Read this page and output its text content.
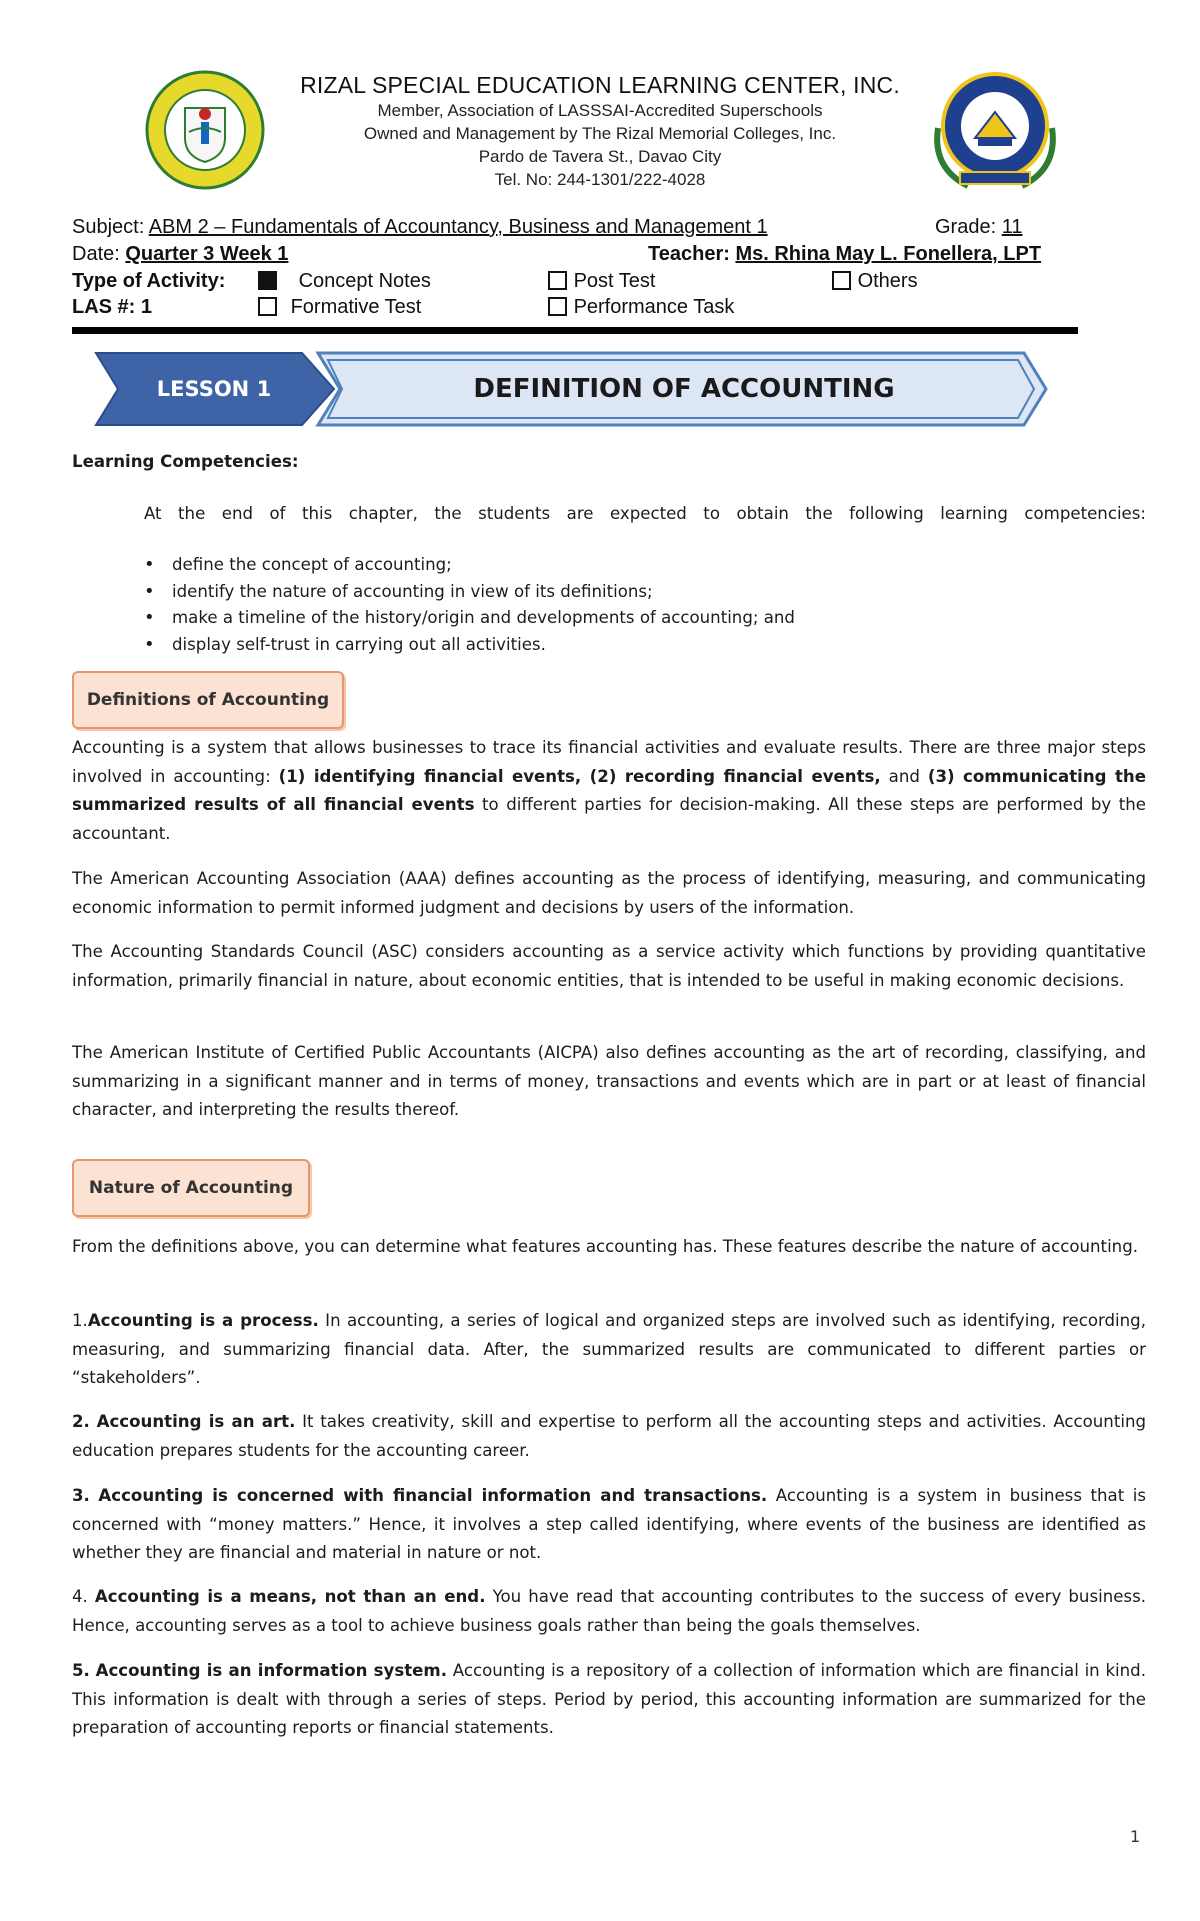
RIZAL SPECIAL EDUCATION LEARNING CENTER, INC.
Member, Association of LASSSAI-Accredited Superschools
Owned and Management by The Rizal Memorial Colleges, Inc.
Pardo de Tavera St., Davao City
Tel. No: 244-1301/222-4028
Subject: ABM 2 – Fundamentals of Accountancy, Business and Management 1	Grade: 11
Date: Quarter 3 Week 1	Teacher: Ms. Rhina May L. Fonellera, LPT
Type of Activity:	Concept Notes	Post Test	Others
LAS #: 1	Formative Test	Performance Task
LESSON 1	DEFINITION OF ACCOUNTING
Learning Competencies:
At the end of this chapter, the students are expected to obtain the following learning competencies:
• define the concept of accounting;
• identify the nature of accounting in view of its definitions;
• make a timeline of the history/origin and developments of accounting; and
• display self-trust in carrying out all activities.
Definitions of Accounting

Accounting is a system that allows businesses to trace its financial activities and evaluate results. There are three major steps involved in accounting: (1) identifying financial events, (2) recording financial events, and (3) communicating the summarized results of all financial events to different parties for decision-making. All these steps are performed by the accountant.

The American Accounting Association (AAA) defines accounting as the process of identifying, measuring, and communicating economic information to permit informed judgment and decisions by users of the information.

The Accounting Standards Council (ASC) considers accounting as a service activity which functions by providing quantitative information, primarily financial in nature, about economic entities, that is intended to be useful in making economic decisions.

The American Institute of Certified Public Accountants (AICPA) also defines accounting as the art of recording, classifying, and summarizing in a significant manner and in terms of money, transactions and events which are in part or at least of financial character, and interpreting the results thereof.

Nature of Accounting

From the definitions above, you can determine what features accounting has. These features describe the nature of accounting.

1.Accounting is a process. In accounting, a series of logical and organized steps are involved such as identifying, recording, measuring, and summarizing financial data. After, the summarized results are communicated to different parties or “stakeholders”.

2. Accounting is an art. It takes creativity, skill and expertise to perform all the accounting steps and activities. Accounting education prepares students for the accounting career.

3. Accounting is concerned with financial information and transactions. Accounting is a system in business that is concerned with “money matters.” Hence, it involves a step called identifying, where events of the business are identified as whether they are financial and material in nature or not.

4. Accounting is a means, not than an end. You have read that accounting contributes to the success of every business. Hence, accounting serves as a tool to achieve business goals rather than being the goals themselves.

5. Accounting is an information system. Accounting is a repository of a collection of information which are financial in kind. This information is dealt with through a series of steps. Period by period, this accounting information are summarized for the preparation of accounting reports or financial statements.

1
